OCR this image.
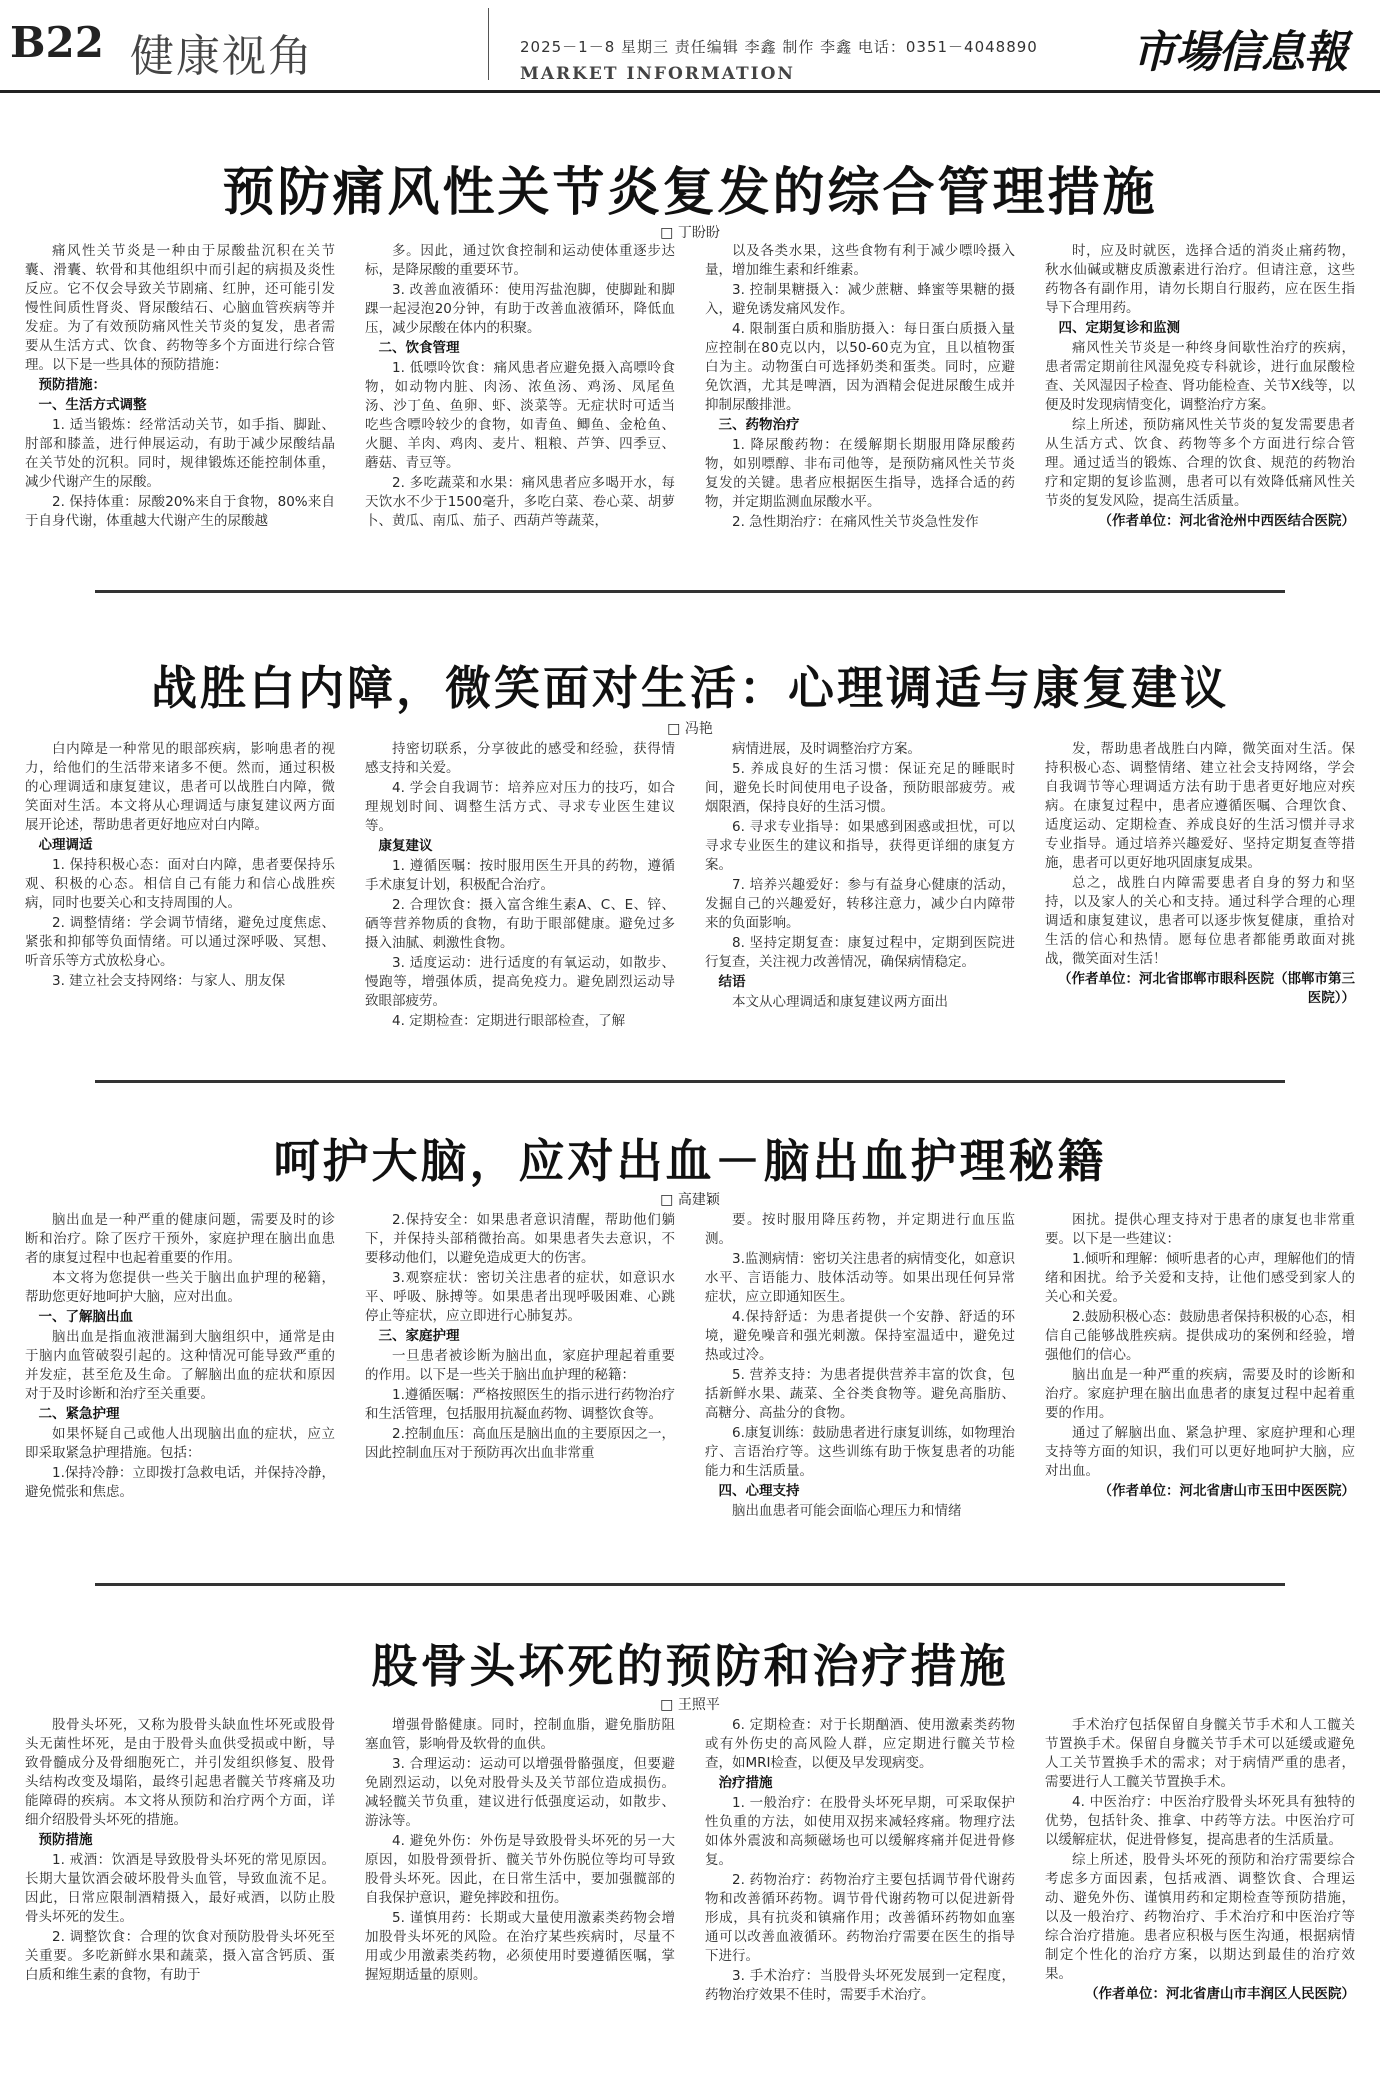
B22 健康视角	2025－1－8 星期三 责任编辑 李鑫 制作 李鑫 电话：0351－4048890
MARKET INFORMATION	市場信息報
预防痛风性关节炎复发的综合管理措施
□ 丁盼盼

痛风性关节炎是一种由于尿酸盐沉积在关节囊、滑囊、软骨和其他组织中而引起的病损及炎性反应。它不仅会导致关节剧痛、红肿，还可能引发慢性间质性肾炎、肾尿酸结石、心脑血管疾病等并发症。为了有效预防痛风性关节炎的复发，患者需要从生活方式、饮食、药物等多个方面进行综合管理。以下是一些具体的预防措施：

预防措施：

一、生活方式调整

1. 适当锻炼：经常活动关节，如手指、脚趾、肘部和膝盖，进行伸展运动，有助于减少尿酸结晶在关节处的沉积。同时，规律锻炼还能控制体重，减少代谢产生的尿酸。

2. 保持体重：尿酸20%来自于食物，80%来自于自身代谢，体重越大代谢产生的尿酸越

多。因此，通过饮食控制和运动使体重逐步达标，是降尿酸的重要环节。

3. 改善血液循环：使用泻盐泡脚，使脚趾和脚踝一起浸泡20分钟，有助于改善血液循环，降低血压，减少尿酸在体内的积聚。

二、饮食管理

1. 低嘌呤饮食：痛风患者应避免摄入高嘌呤食物，如动物内脏、肉汤、浓鱼汤、鸡汤、凤尾鱼汤、沙丁鱼、鱼卵、虾、淡菜等。无症状时可适当吃些含嘌呤较少的食物，如青鱼、鲫鱼、金枪鱼、火腿、羊肉、鸡肉、麦片、粗粮、芦笋、四季豆、蘑菇、青豆等。

2. 多吃蔬菜和水果：痛风患者应多喝开水，每天饮水不少于1500毫升，多吃白菜、卷心菜、胡萝卜、黄瓜、南瓜、茄子、西葫芦等蔬菜，

以及各类水果，这些食物有利于减少嘌呤摄入量，增加维生素和纤维素。

3. 控制果糖摄入：减少蔗糖、蜂蜜等果糖的摄入，避免诱发痛风发作。

4. 限制蛋白质和脂肪摄入：每日蛋白质摄入量应控制在80克以内，以50-60克为宜，且以植物蛋白为主。动物蛋白可选择奶类和蛋类。同时，应避免饮酒，尤其是啤酒，因为酒精会促进尿酸生成并抑制尿酸排泄。

三、药物治疗

1. 降尿酸药物：在缓解期长期服用降尿酸药物，如别嘌醇、非布司他等，是预防痛风性关节炎复发的关键。患者应根据医生指导，选择合适的药物，并定期监测血尿酸水平。

2. 急性期治疗：在痛风性关节炎急性发作

时，应及时就医，选择合适的消炎止痛药物，秋水仙碱或糖皮质激素进行治疗。但请注意，这些药物各有副作用，请勿长期自行服药，应在医生指导下合理用药。

四、定期复诊和监测

痛风性关节炎是一种终身间歇性治疗的疾病，患者需定期前往风湿免疫专科就诊，进行血尿酸检查、关风湿因子检查、肾功能检查、关节X线等，以便及时发现病情变化，调整治疗方案。

综上所述，预防痛风性关节炎的复发需要患者从生活方式、饮食、药物等多个方面进行综合管理。通过适当的锻炼、合理的饮食、规范的药物治疗和定期的复诊监测，患者可以有效降低痛风性关节炎的复发风险，提高生活质量。

（作者单位：河北省沧州中西医结合医院）

战胜白内障，微笑面对生活：心理调适与康复建议
□ 冯艳

白内障是一种常见的眼部疾病，影响患者的视力，给他们的生活带来诸多不便。然而，通过积极的心理调适和康复建议，患者可以战胜白内障，微笑面对生活。本文将从心理调适与康复建议两方面展开论述，帮助患者更好地应对白内障。

心理调适

1. 保持积极心态：面对白内障，患者要保持乐观、积极的心态。相信自己有能力和信心战胜疾病，同时也要关心和支持周围的人。

2. 调整情绪：学会调节情绪，避免过度焦虑、紧张和抑郁等负面情绪。可以通过深呼吸、冥想、听音乐等方式放松身心。

3. 建立社会支持网络：与家人、朋友保

持密切联系，分享彼此的感受和经验，获得情感支持和关爱。

4. 学会自我调节：培养应对压力的技巧，如合理规划时间、调整生活方式、寻求专业医生建议等。

康复建议

1. 遵循医嘱：按时服用医生开具的药物，遵循手术康复计划，积极配合治疗。

2. 合理饮食：摄入富含维生素A、C、E、锌、硒等营养物质的食物，有助于眼部健康。避免过多摄入油腻、刺激性食物。

3. 适度运动：进行适度的有氧运动，如散步、慢跑等，增强体质，提高免疫力。避免剧烈运动导致眼部疲劳。

4. 定期检查：定期进行眼部检查，了解

病情进展，及时调整治疗方案。

5. 养成良好的生活习惯：保证充足的睡眠时间，避免长时间使用电子设备，预防眼部疲劳。戒烟限酒，保持良好的生活习惯。

6. 寻求专业指导：如果感到困惑或担忧，可以寻求专业医生的建议和指导，获得更详细的康复方案。

7. 培养兴趣爱好：参与有益身心健康的活动，发掘自己的兴趣爱好，转移注意力，减少白内障带来的负面影响。

8. 坚持定期复查：康复过程中，定期到医院进行复查，关注视力改善情况，确保病情稳定。

结语

本文从心理调适和康复建议两方面出

发，帮助患者战胜白内障，微笑面对生活。保持积极心态、调整情绪、建立社会支持网络，学会自我调节等心理调适方法有助于患者更好地应对疾病。在康复过程中，患者应遵循医嘱、合理饮食、适度运动、定期检查、养成良好的生活习惯并寻求专业指导。通过培养兴趣爱好、坚持定期复查等措施，患者可以更好地巩固康复成果。

总之，战胜白内障需要患者自身的努力和坚持，以及家人的关心和支持。通过科学合理的心理调适和康复建议，患者可以逐步恢复健康，重拾对生活的信心和热情。愿每位患者都能勇敢面对挑战，微笑面对生活！

（作者单位：河北省邯郸市眼科医院（邯郸市第三医院））

呵护大脑，应对出血－脑出血护理秘籍
□ 高建颖

脑出血是一种严重的健康问题，需要及时的诊断和治疗。除了医疗干预外，家庭护理在脑出血患者的康复过程中也起着重要的作用。

本文将为您提供一些关于脑出血护理的秘籍，帮助您更好地呵护大脑，应对出血。

一、了解脑出血

脑出血是指血液泄漏到大脑组织中，通常是由于脑内血管破裂引起的。这种情况可能导致严重的并发症，甚至危及生命。了解脑出血的症状和原因对于及时诊断和治疗至关重要。

二、紧急护理

如果怀疑自己或他人出现脑出血的症状，应立即采取紧急护理措施。包括：

1.保持冷静：立即拨打急救电话，并保持冷静，避免慌张和焦虑。

2.保持安全：如果患者意识清醒，帮助他们躺下，并保持头部稍微抬高。如果患者失去意识，不要移动他们，以避免造成更大的伤害。

3.观察症状：密切关注患者的症状，如意识水平、呼吸、脉搏等。如果患者出现呼吸困难、心跳停止等症状，应立即进行心肺复苏。

三、家庭护理

一旦患者被诊断为脑出血，家庭护理起着重要的作用。以下是一些关于脑出血护理的秘籍：

1.遵循医嘱：严格按照医生的指示进行药物治疗和生活管理，包括服用抗凝血药物、调整饮食等。

2.控制血压：高血压是脑出血的主要原因之一，因此控制血压对于预防再次出血非常重

要。按时服用降压药物，并定期进行血压监测。

3.监测病情：密切关注患者的病情变化，如意识水平、言语能力、肢体活动等。如果出现任何异常症状，应立即通知医生。

4.保持舒适：为患者提供一个安静、舒适的环境，避免噪音和强光刺激。保持室温适中，避免过热或过冷。

5. 营养支持：为患者提供营养丰富的饮食，包括新鲜水果、蔬菜、全谷类食物等。避免高脂肪、高糖分、高盐分的食物。

6.康复训练：鼓励患者进行康复训练，如物理治疗、言语治疗等。这些训练有助于恢复患者的功能能力和生活质量。

四、心理支持

脑出血患者可能会面临心理压力和情绪

困扰。提供心理支持对于患者的康复也非常重要。以下是一些建议：

1.倾听和理解：倾听患者的心声，理解他们的情绪和困扰。给予关爱和支持，让他们感受到家人的关心和关爱。

2.鼓励积极心态：鼓励患者保持积极的心态，相信自己能够战胜疾病。提供成功的案例和经验，增强他们的信心。

脑出血是一种严重的疾病，需要及时的诊断和治疗。家庭护理在脑出血患者的康复过程中起着重要的作用。

通过了解脑出血、紧急护理、家庭护理和心理支持等方面的知识，我们可以更好地呵护大脑，应对出血。

（作者单位：河北省唐山市玉田中医医院）

股骨头坏死的预防和治疗措施
□ 王照平

股骨头坏死，又称为股骨头缺血性坏死或股骨头无菌性坏死，是由于股骨头血供受损或中断，导致骨髓成分及骨细胞死亡，并引发组织修复、股骨头结构改变及塌陷，最终引起患者髋关节疼痛及功能障碍的疾病。本文将从预防和治疗两个方面，详细介绍股骨头坏死的措施。

预防措施

1. 戒酒：饮酒是导致股骨头坏死的常见原因。长期大量饮酒会破坏股骨头血管，导致血流不足。因此，日常应限制酒精摄入，最好戒酒，以防止股骨头坏死的发生。

2. 调整饮食：合理的饮食对预防股骨头坏死至关重要。多吃新鲜水果和蔬菜，摄入富含钙质、蛋白质和维生素的食物，有助于

增强骨骼健康。同时，控制血脂，避免脂肪阻塞血管，影响骨及软骨的血供。

3. 合理运动：运动可以增强骨骼强度，但要避免剧烈运动，以免对股骨头及关节部位造成损伤。减轻髋关节负重，建议进行低强度运动，如散步、游泳等。

4. 避免外伤：外伤是导致股骨头坏死的另一大原因，如股骨颈骨折、髋关节外伤脱位等均可导致股骨头坏死。因此，在日常生活中，要加强髋部的自我保护意识，避免摔跤和扭伤。

5. 谨慎用药：长期或大量使用激素类药物会增加股骨头坏死的风险。在治疗某些疾病时，尽量不用或少用激素类药物，必须使用时要遵循医嘱，掌握短期适量的原则。

6. 定期检查：对于长期酗酒、使用激素类药物或有外伤史的高风险人群，应定期进行髋关节检查，如MRI检查，以便及早发现病变。

治疗措施

1. 一般治疗：在股骨头坏死早期，可采取保护性负重的方法，如使用双拐来减轻疼痛。物理疗法如体外震波和高频磁场也可以缓解疼痛并促进骨修复。

2. 药物治疗：药物治疗主要包括调节骨代谢药物和改善循环药物。调节骨代谢药物可以促进新骨形成，具有抗炎和镇痛作用；改善循环药物如血塞通可以改善血液循环。药物治疗需要在医生的指导下进行。

3. 手术治疗：当股骨头坏死发展到一定程度，药物治疗效果不佳时，需要手术治疗。

手术治疗包括保留自身髋关节手术和人工髋关节置换手术。保留自身髋关节手术可以延缓或避免人工关节置换手术的需求；对于病情严重的患者，需要进行人工髋关节置换手术。

4. 中医治疗：中医治疗股骨头坏死具有独特的优势，包括针灸、推拿、中药等方法。中医治疗可以缓解症状，促进骨修复，提高患者的生活质量。

综上所述，股骨头坏死的预防和治疗需要综合考虑多方面因素，包括戒酒、调整饮食、合理运动、避免外伤、谨慎用药和定期检查等预防措施，以及一般治疗、药物治疗、手术治疗和中医治疗等综合治疗措施。患者应积极与医生沟通，根据病情制定个性化的治疗方案，以期达到最佳的治疗效果。

（作者单位：河北省唐山市丰润区人民医院）
